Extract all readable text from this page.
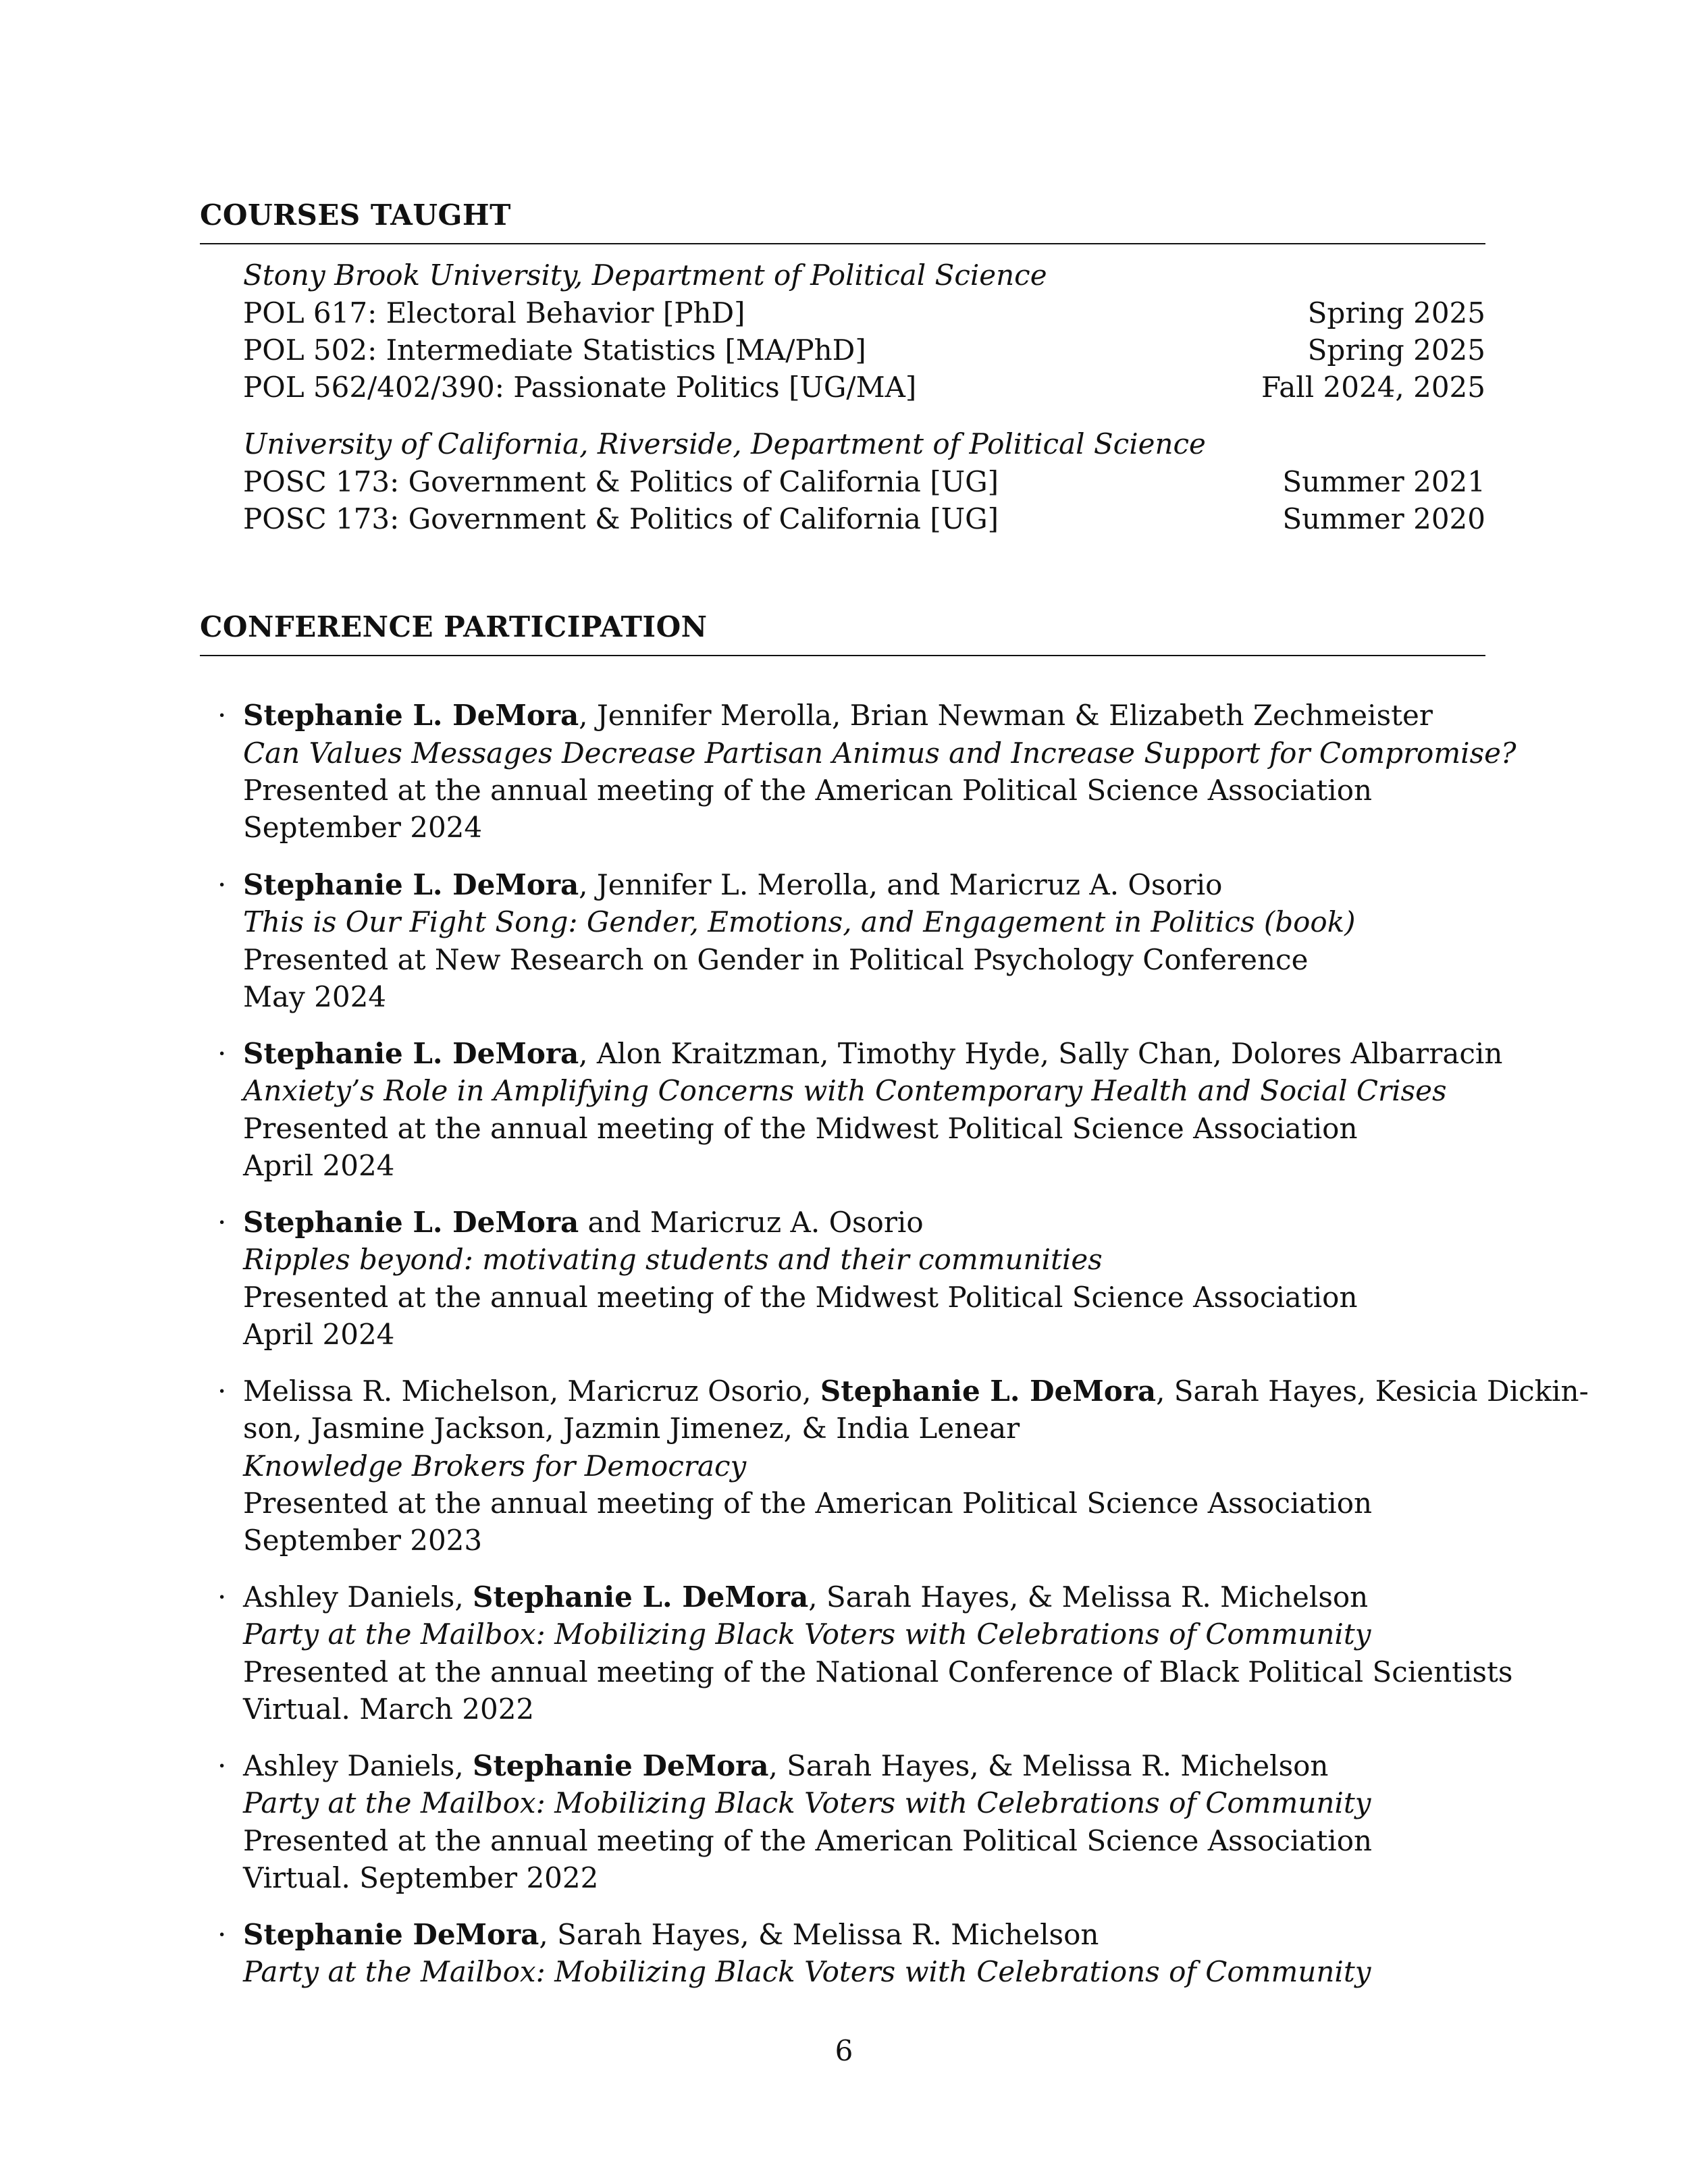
COURSES TAUGHT
Stony Brook University, Department of Political Science
POL 617: Electoral Behavior [PhD]	Spring 2025
POL 502: Intermediate Statistics [MA/PhD]	Spring 2025
POL 562/402/390: Passionate Politics [UG/MA]	Fall 2024, 2025
University of California, Riverside, Department of Political Science
POSC 173: Government & Politics of California [UG]	Summer 2021
POSC 173: Government & Politics of California [UG]	Summer 2020
CONFERENCE PARTICIPATION
· Stephanie L. DeMora, Jennifer Merolla, Brian Newman & Elizabeth Zechmeister
Can Values Messages Decrease Partisan Animus and Increase Support for Compromise?
Presented at the annual meeting of the American Political Science Association
September 2024
· Stephanie L. DeMora, Jennifer L. Merolla, and Maricruz A. Osorio
This is Our Fight Song: Gender, Emotions, and Engagement in Politics (book)
Presented at New Research on Gender in Political Psychology Conference
May 2024
· Stephanie L. DeMora, Alon Kraitzman, Timothy Hyde, Sally Chan, Dolores Albarracin
Anxiety’s Role in Amplifying Concerns with Contemporary Health and Social Crises
Presented at the annual meeting of the Midwest Political Science Association
April 2024
· Stephanie L. DeMora and Maricruz A. Osorio
Ripples beyond: motivating students and their communities
Presented at the annual meeting of the Midwest Political Science Association
April 2024
· Melissa R. Michelson, Maricruz Osorio, Stephanie L. DeMora, Sarah Hayes, Kesicia Dickin-
son, Jasmine Jackson, Jazmin Jimenez, & India Lenear
Knowledge Brokers for Democracy
Presented at the annual meeting of the American Political Science Association
September 2023
· Ashley Daniels, Stephanie L. DeMora, Sarah Hayes, & Melissa R. Michelson
Party at the Mailbox: Mobilizing Black Voters with Celebrations of Community
Presented at the annual meeting of the National Conference of Black Political Scientists
Virtual. March 2022
· Ashley Daniels, Stephanie DeMora, Sarah Hayes, & Melissa R. Michelson
Party at the Mailbox: Mobilizing Black Voters with Celebrations of Community
Presented at the annual meeting of the American Political Science Association
Virtual. September 2022
· Stephanie DeMora, Sarah Hayes, & Melissa R. Michelson
Party at the Mailbox: Mobilizing Black Voters with Celebrations of Community
6
